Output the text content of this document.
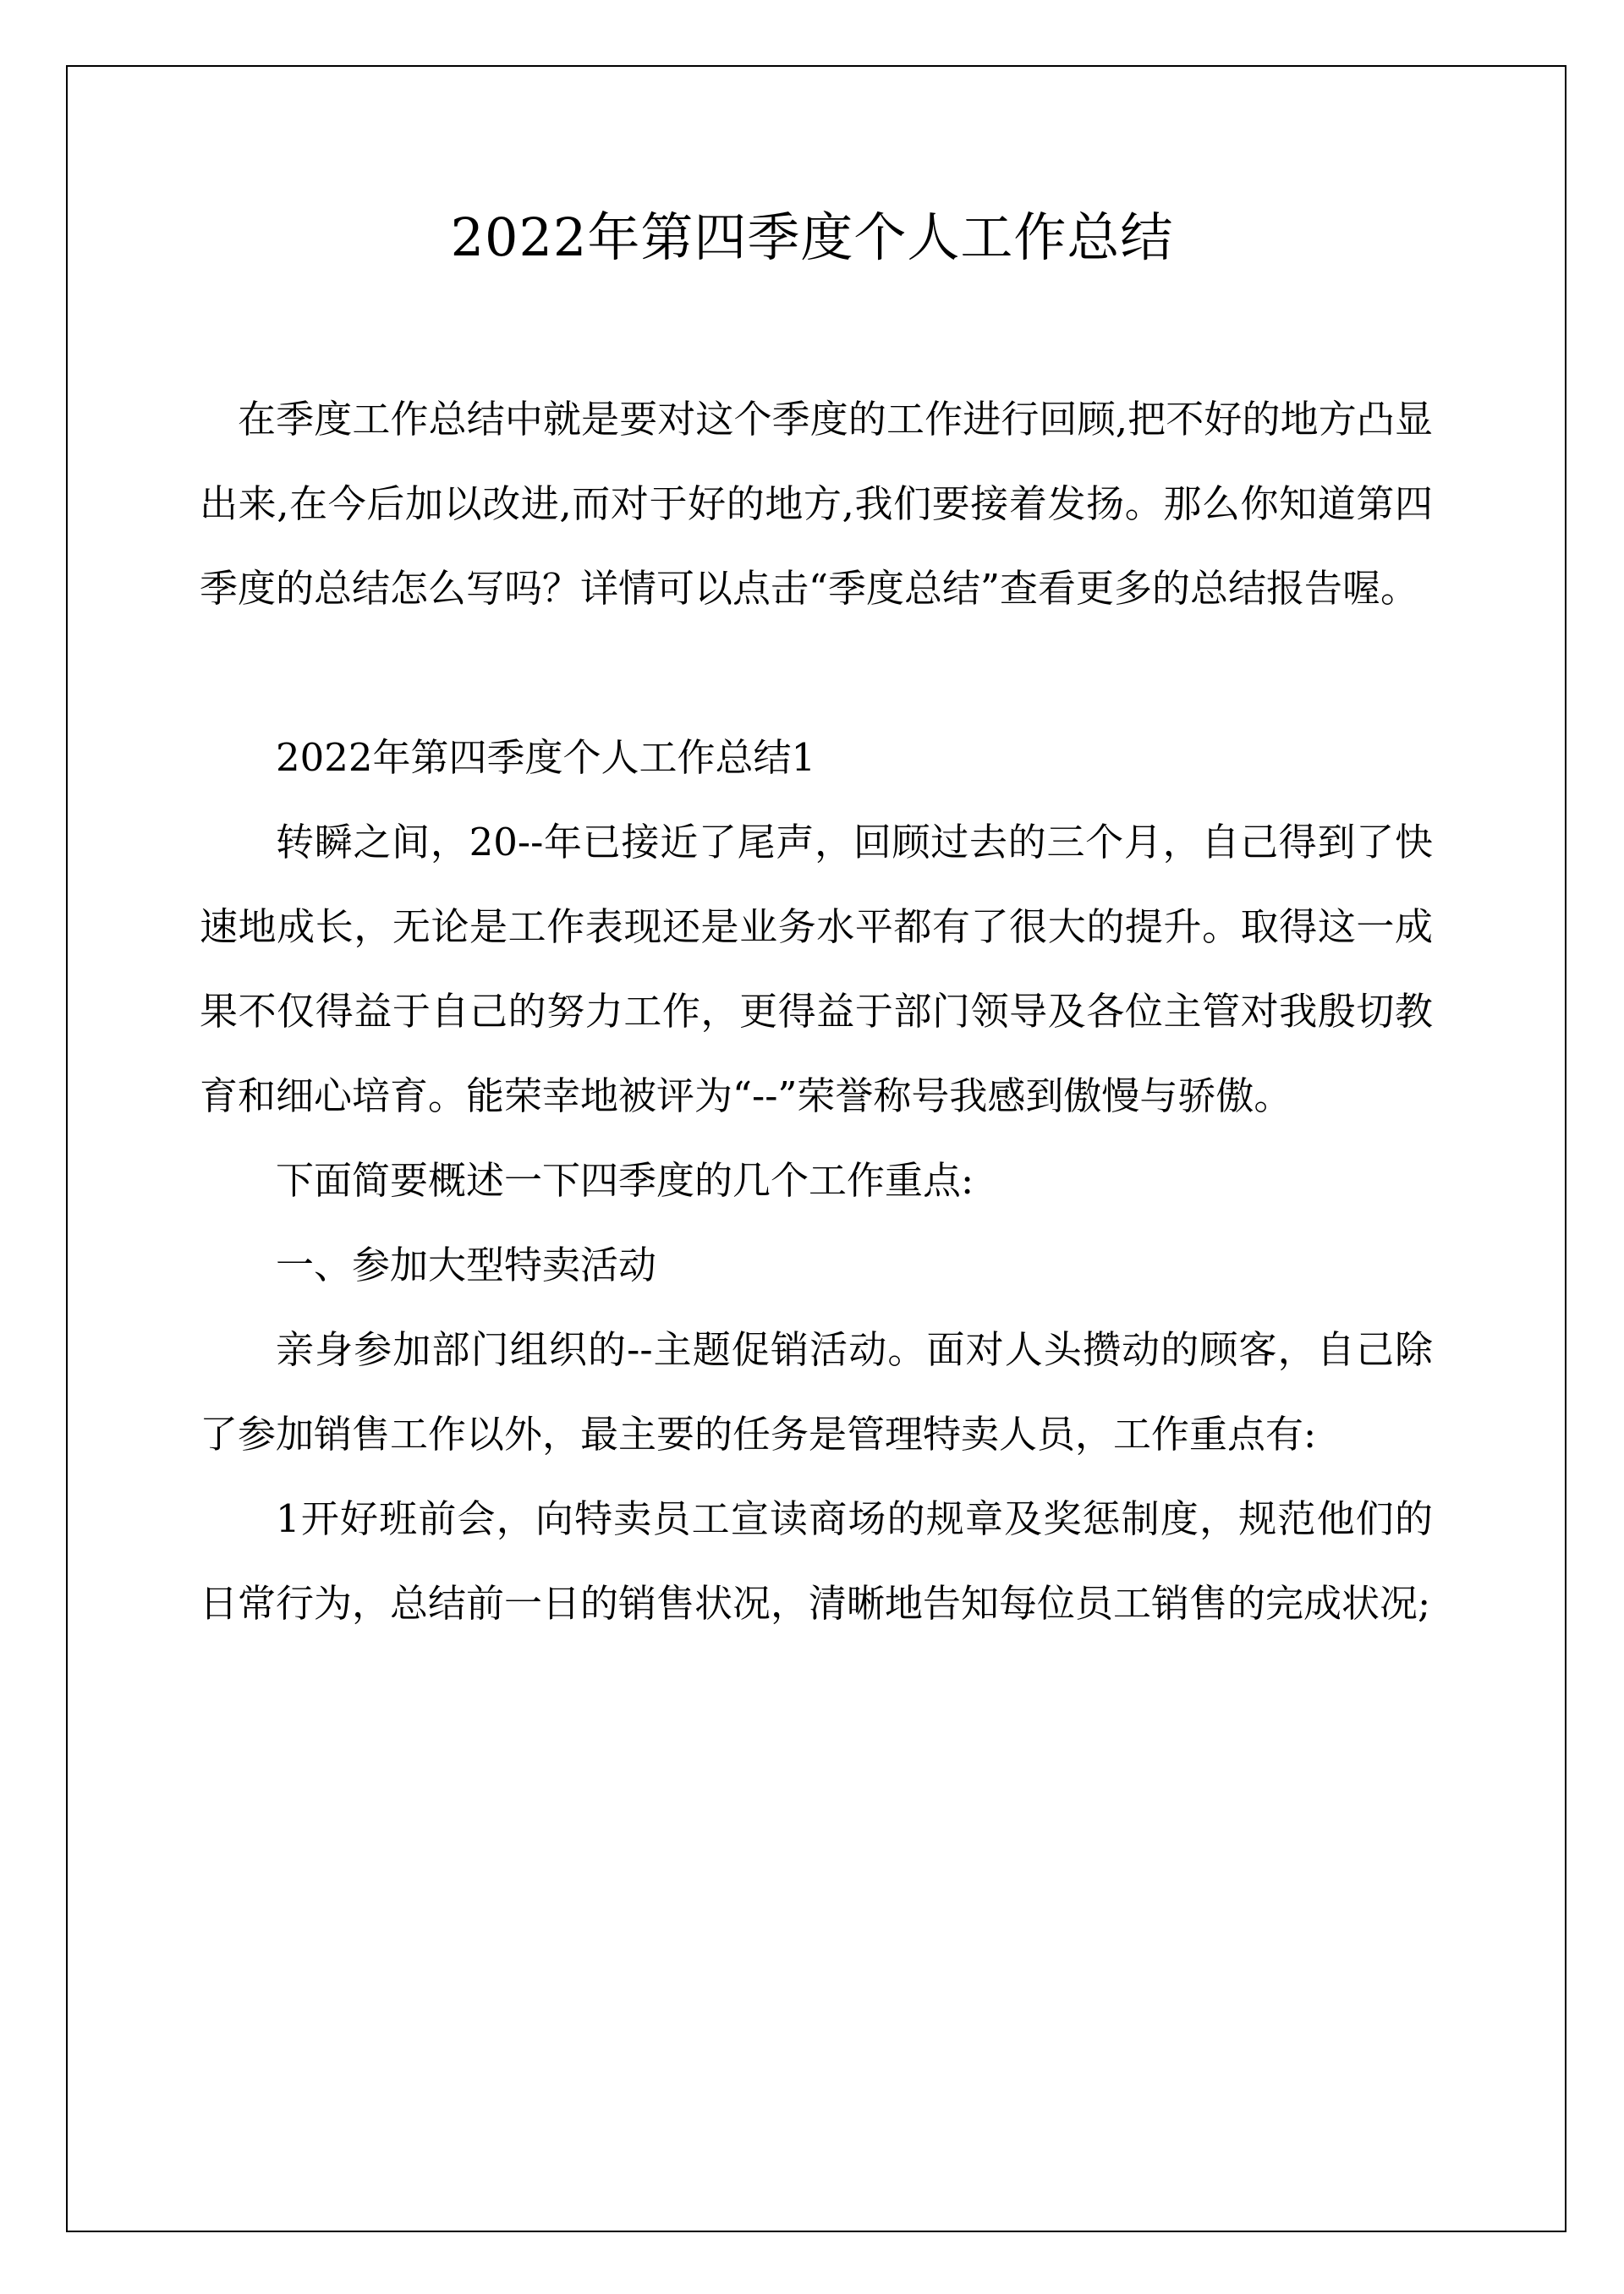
2022年第四季度个人工作总结

在季度工作总结中就是要对这个季度的工作进行回顾,把不好的地方凸显出来,在今后加以改进,而对于好的地方,我们要接着发扬。那么你知道第四季度的总结怎么写吗？详情可以点击“季度总结”查看更多的总结报告喔。

2022年第四季度个人工作总结1

转瞬之间，20--年已接近了尾声，回顾过去的三个月，自己得到了快速地成长，无论是工作表现还是业务水平都有了很大的提升。取得这一成果不仅得益于自己的努力工作，更得益于部门领导及各位主管对我殷切教育和细心培育。能荣幸地被评为“--”荣誉称号我感到傲慢与骄傲。

下面简要概述一下四季度的几个工作重点:

一、参加大型特卖活动

亲身参加部门组织的--主题促销活动。面对人头攒动的顾客，自己除了参加销售工作以外，最主要的任务是管理特卖人员，工作重点有:

1开好班前会，向特卖员工宣读商场的规章及奖惩制度，规范他们的日常行为，总结前一日的销售状况，清晰地告知每位员工销售的完成状况;
